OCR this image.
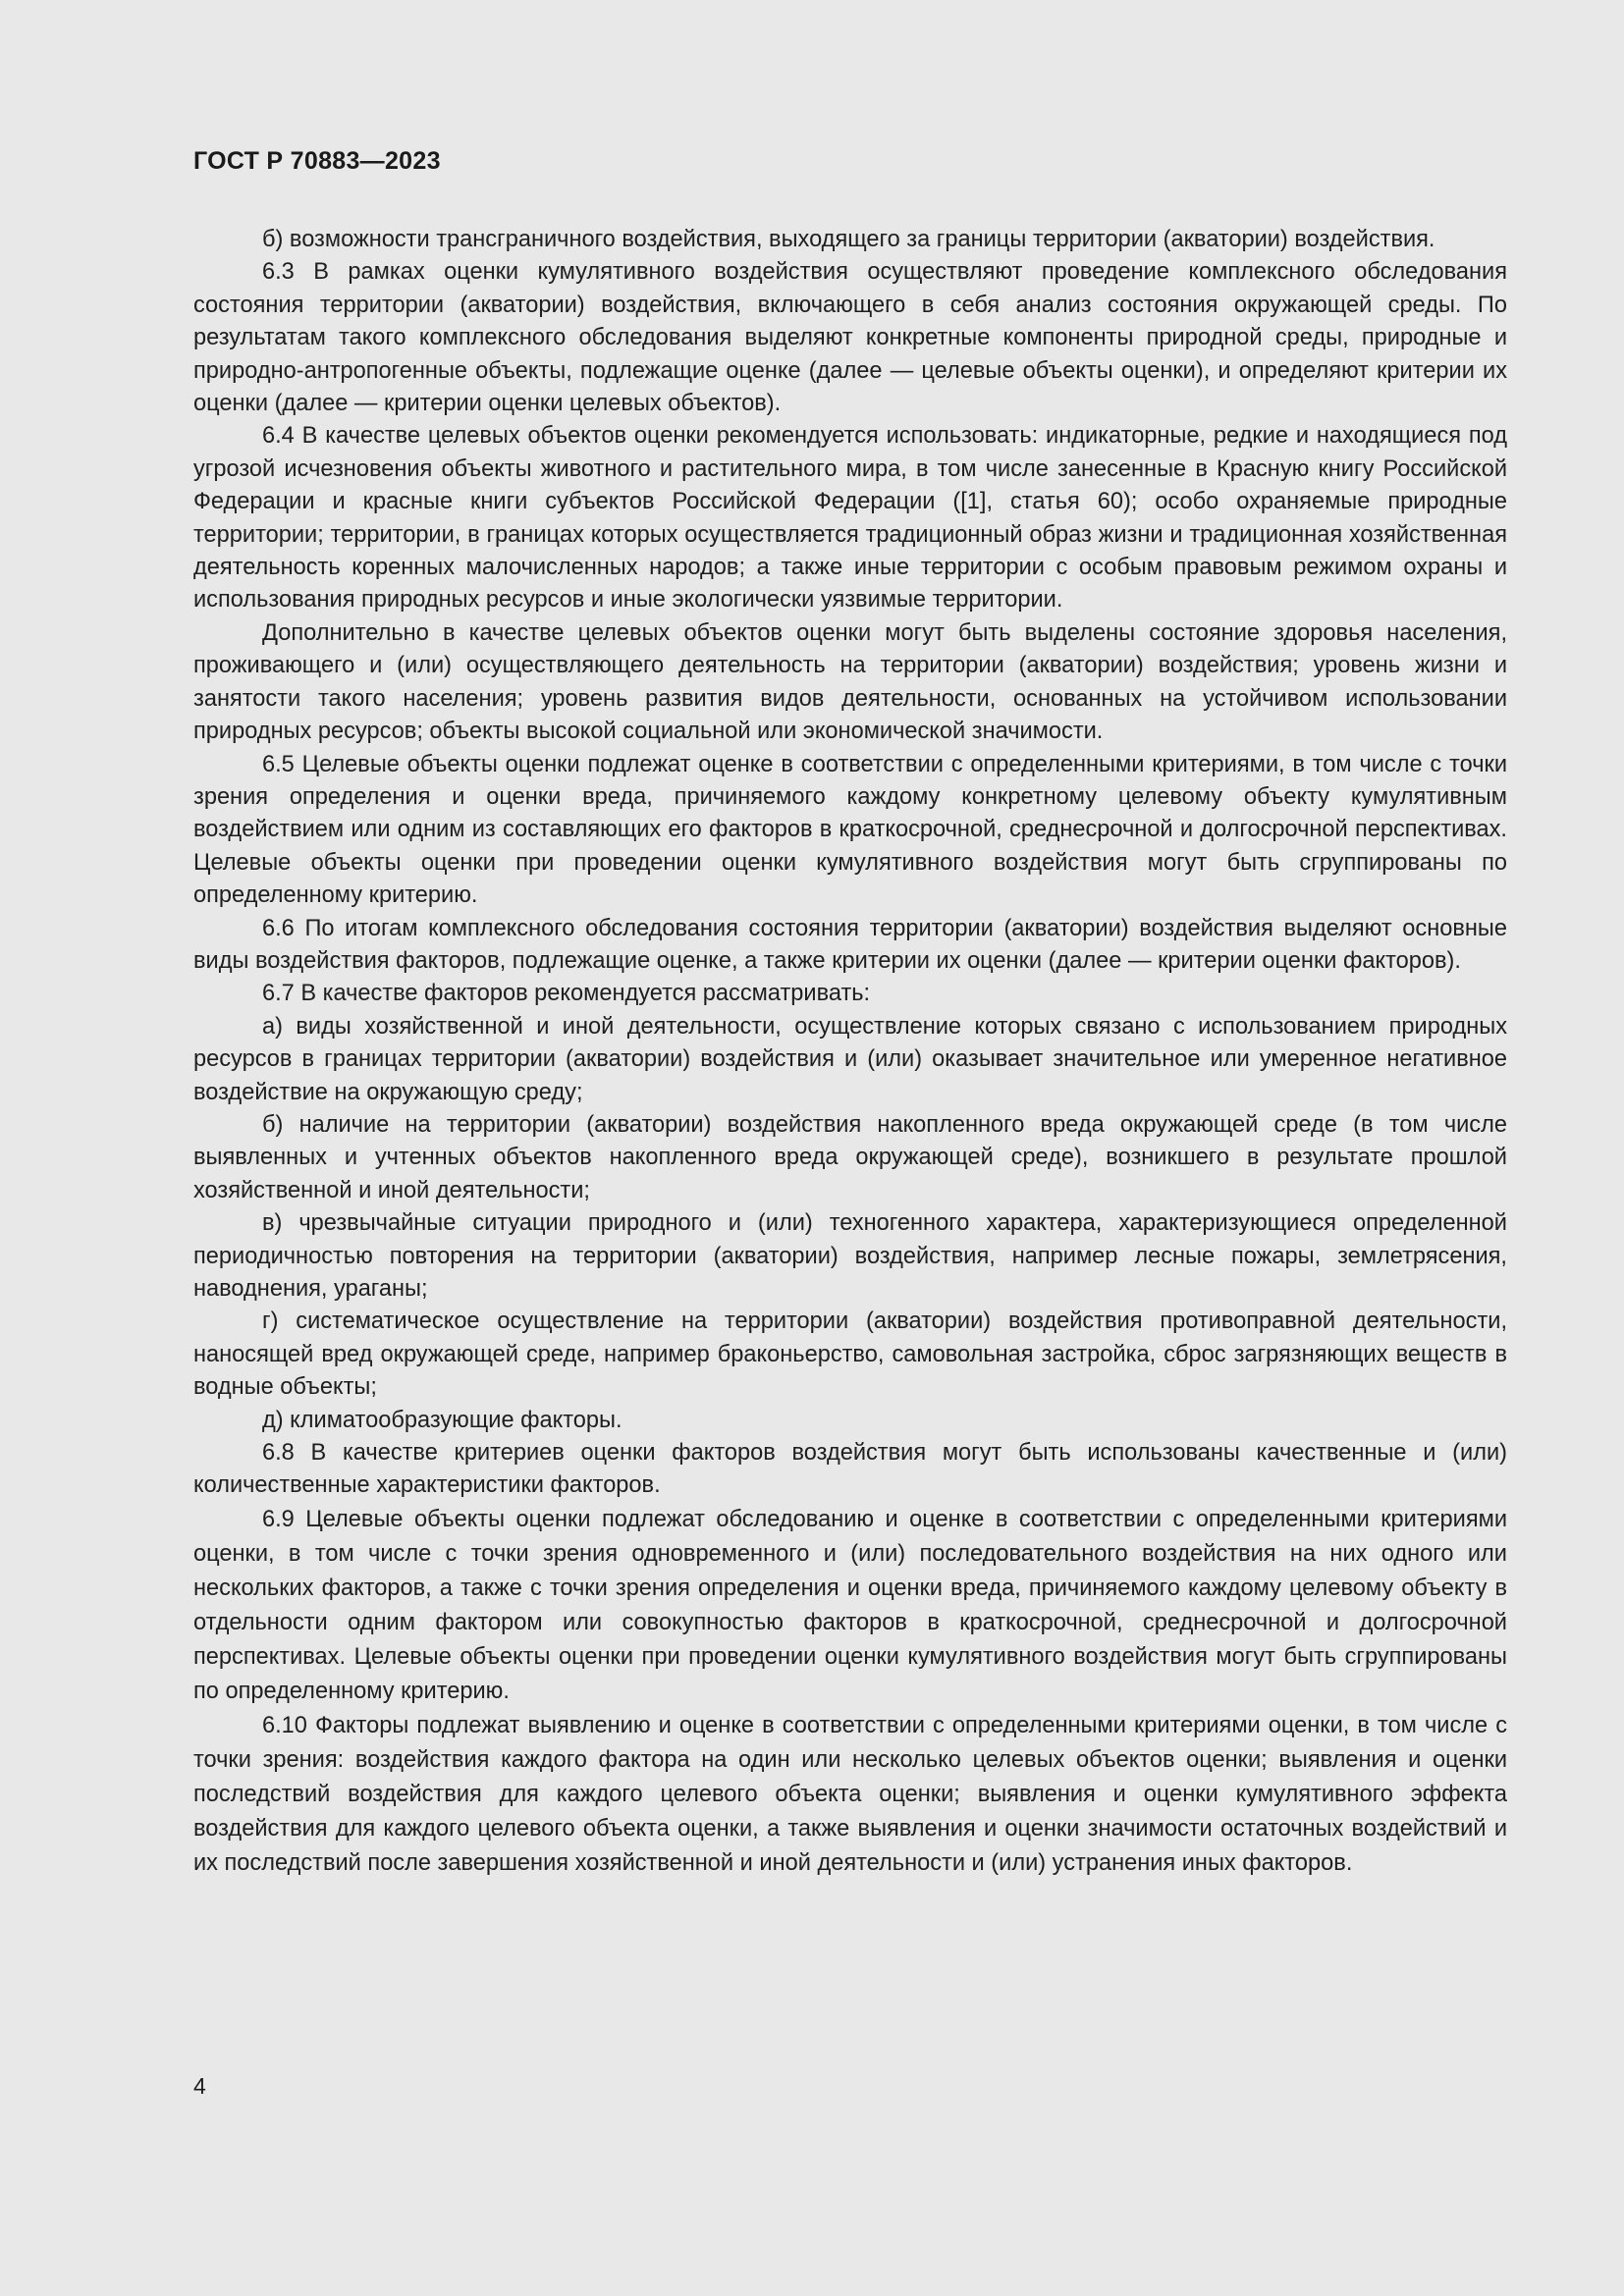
ГОСТ Р 70883—2023

б) возможности трансграничного воздействия, выходящего за границы территории (акватории) воздействия.

6.3 В рамках оценки кумулятивного воздействия осуществляют проведение комплексного обследования состояния территории (акватории) воздействия, включающего в себя анализ состояния окружающей среды. По результатам такого комплексного обследования выделяют конкретные компоненты природной среды, природные и природно-антропогенные объекты, подлежащие оценке (далее — целевые объекты оценки), и определяют критерии их оценки (далее — критерии оценки целевых объектов).

6.4 В качестве целевых объектов оценки рекомендуется использовать: индикаторные, редкие и находящиеся под угрозой исчезновения объекты животного и растительного мира, в том числе занесенные в Красную книгу Российской Федерации и красные книги субъектов Российской Федерации ([1], статья 60); особо охраняемые природные территории; территории, в границах которых осуществляется традиционный образ жизни и традиционная хозяйственная деятельность коренных малочисленных народов; а также иные территории с особым правовым режимом охраны и использования природных ресурсов и иные экологически уязвимые территории.

Дополнительно в качестве целевых объектов оценки могут быть выделены состояние здоровья населения, проживающего и (или) осуществляющего деятельность на территории (акватории) воздействия; уровень жизни и занятости такого населения; уровень развития видов деятельности, основанных на устойчивом использовании природных ресурсов; объекты высокой социальной или экономической значимости.

6.5 Целевые объекты оценки подлежат оценке в соответствии с определенными критериями, в том числе с точки зрения определения и оценки вреда, причиняемого каждому конкретному целевому объекту кумулятивным воздействием или одним из составляющих его факторов в краткосрочной, среднесрочной и долгосрочной перспективах. Целевые объекты оценки при проведении оценки кумулятивного воздействия могут быть сгруппированы по определенному критерию.

6.6 По итогам комплексного обследования состояния территории (акватории) воздействия выделяют основные виды воздействия факторов, подлежащие оценке, а также критерии их оценки (далее — критерии оценки факторов).

6.7 В качестве факторов рекомендуется рассматривать:

а) виды хозяйственной и иной деятельности, осуществление которых связано с использованием природных ресурсов в границах территории (акватории) воздействия и (или) оказывает значительное или умеренное негативное воздействие на окружающую среду;

б) наличие на территории (акватории) воздействия накопленного вреда окружающей среде (в том числе выявленных и учтенных объектов накопленного вреда окружающей среде), возникшего в результате прошлой хозяйственной и иной деятельности;

в) чрезвычайные ситуации природного и (или) техногенного характера, характеризующиеся определенной периодичностью повторения на территории (акватории) воздействия, например лесные пожары, землетрясения, наводнения, ураганы;

г) систематическое осуществление на территории (акватории) воздействия противоправной деятельности, наносящей вред окружающей среде, например браконьерство, самовольная застройка, сброс загрязняющих веществ в водные объекты;

д) климатообразующие факторы.

6.8 В качестве критериев оценки факторов воздействия могут быть использованы качественные и (или) количественные характеристики факторов.

6.9 Целевые объекты оценки подлежат обследованию и оценке в соответствии с определенными критериями оценки, в том числе с точки зрения одновременного и (или) последовательного воздействия на них одного или нескольких факторов, а также с точки зрения определения и оценки вреда, причиняемого каждому целевому объекту в отдельности одним фактором или совокупностью факторов в краткосрочной, среднесрочной и долгосрочной перспективах. Целевые объекты оценки при проведении оценки кумулятивного воздействия могут быть сгруппированы по определенному критерию.

6.10 Факторы подлежат выявлению и оценке в соответствии с определенными критериями оценки, в том числе с точки зрения: воздействия каждого фактора на один или несколько целевых объектов оценки; выявления и оценки последствий воздействия для каждого целевого объекта оценки; выявления и оценки кумулятивного эффекта воздействия для каждого целевого объекта оценки, а также выявления и оценки значимости остаточных воздействий и их последствий после завершения хозяйственной и иной деятельности и (или) устранения иных факторов.

4
